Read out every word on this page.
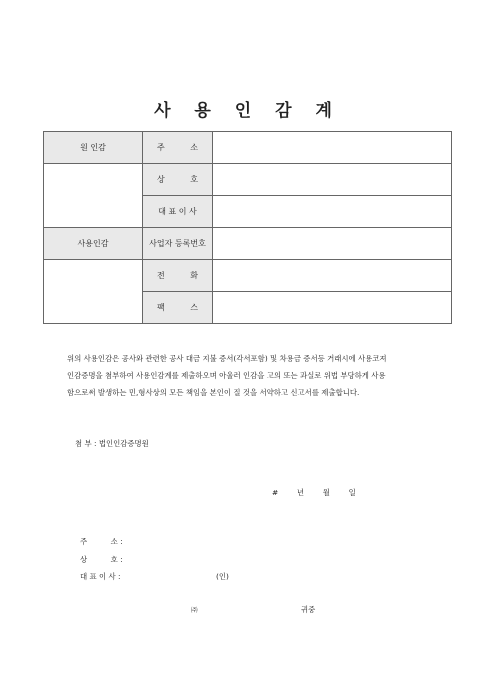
사 용 인 감 계
원 인감	주          소	
	상          호	
	대 표 이 사	
사용인감	사업자 등록번호	
	전          화	
	팩          스	

위의 사용인감은 공사와 관련한 공사 대금 지불 증서(각서포함) 및 차용금 증서등 거래시에 사용코져

인감증명을 첨부하여 사용인감계를 제출하오며 아울러 인감을 고의 또는 과실로 위법 부당하게 사용

함으로써 발생하는 민,형사상의 모든 책임을 본인이 질 것을 서약하고 신고서를 제출합니다.

첨 부 : 법인인감증명원
#	년	월	일
주          소 :
상          호 :
대 표 이 사 :	(인)
㈜	귀중
